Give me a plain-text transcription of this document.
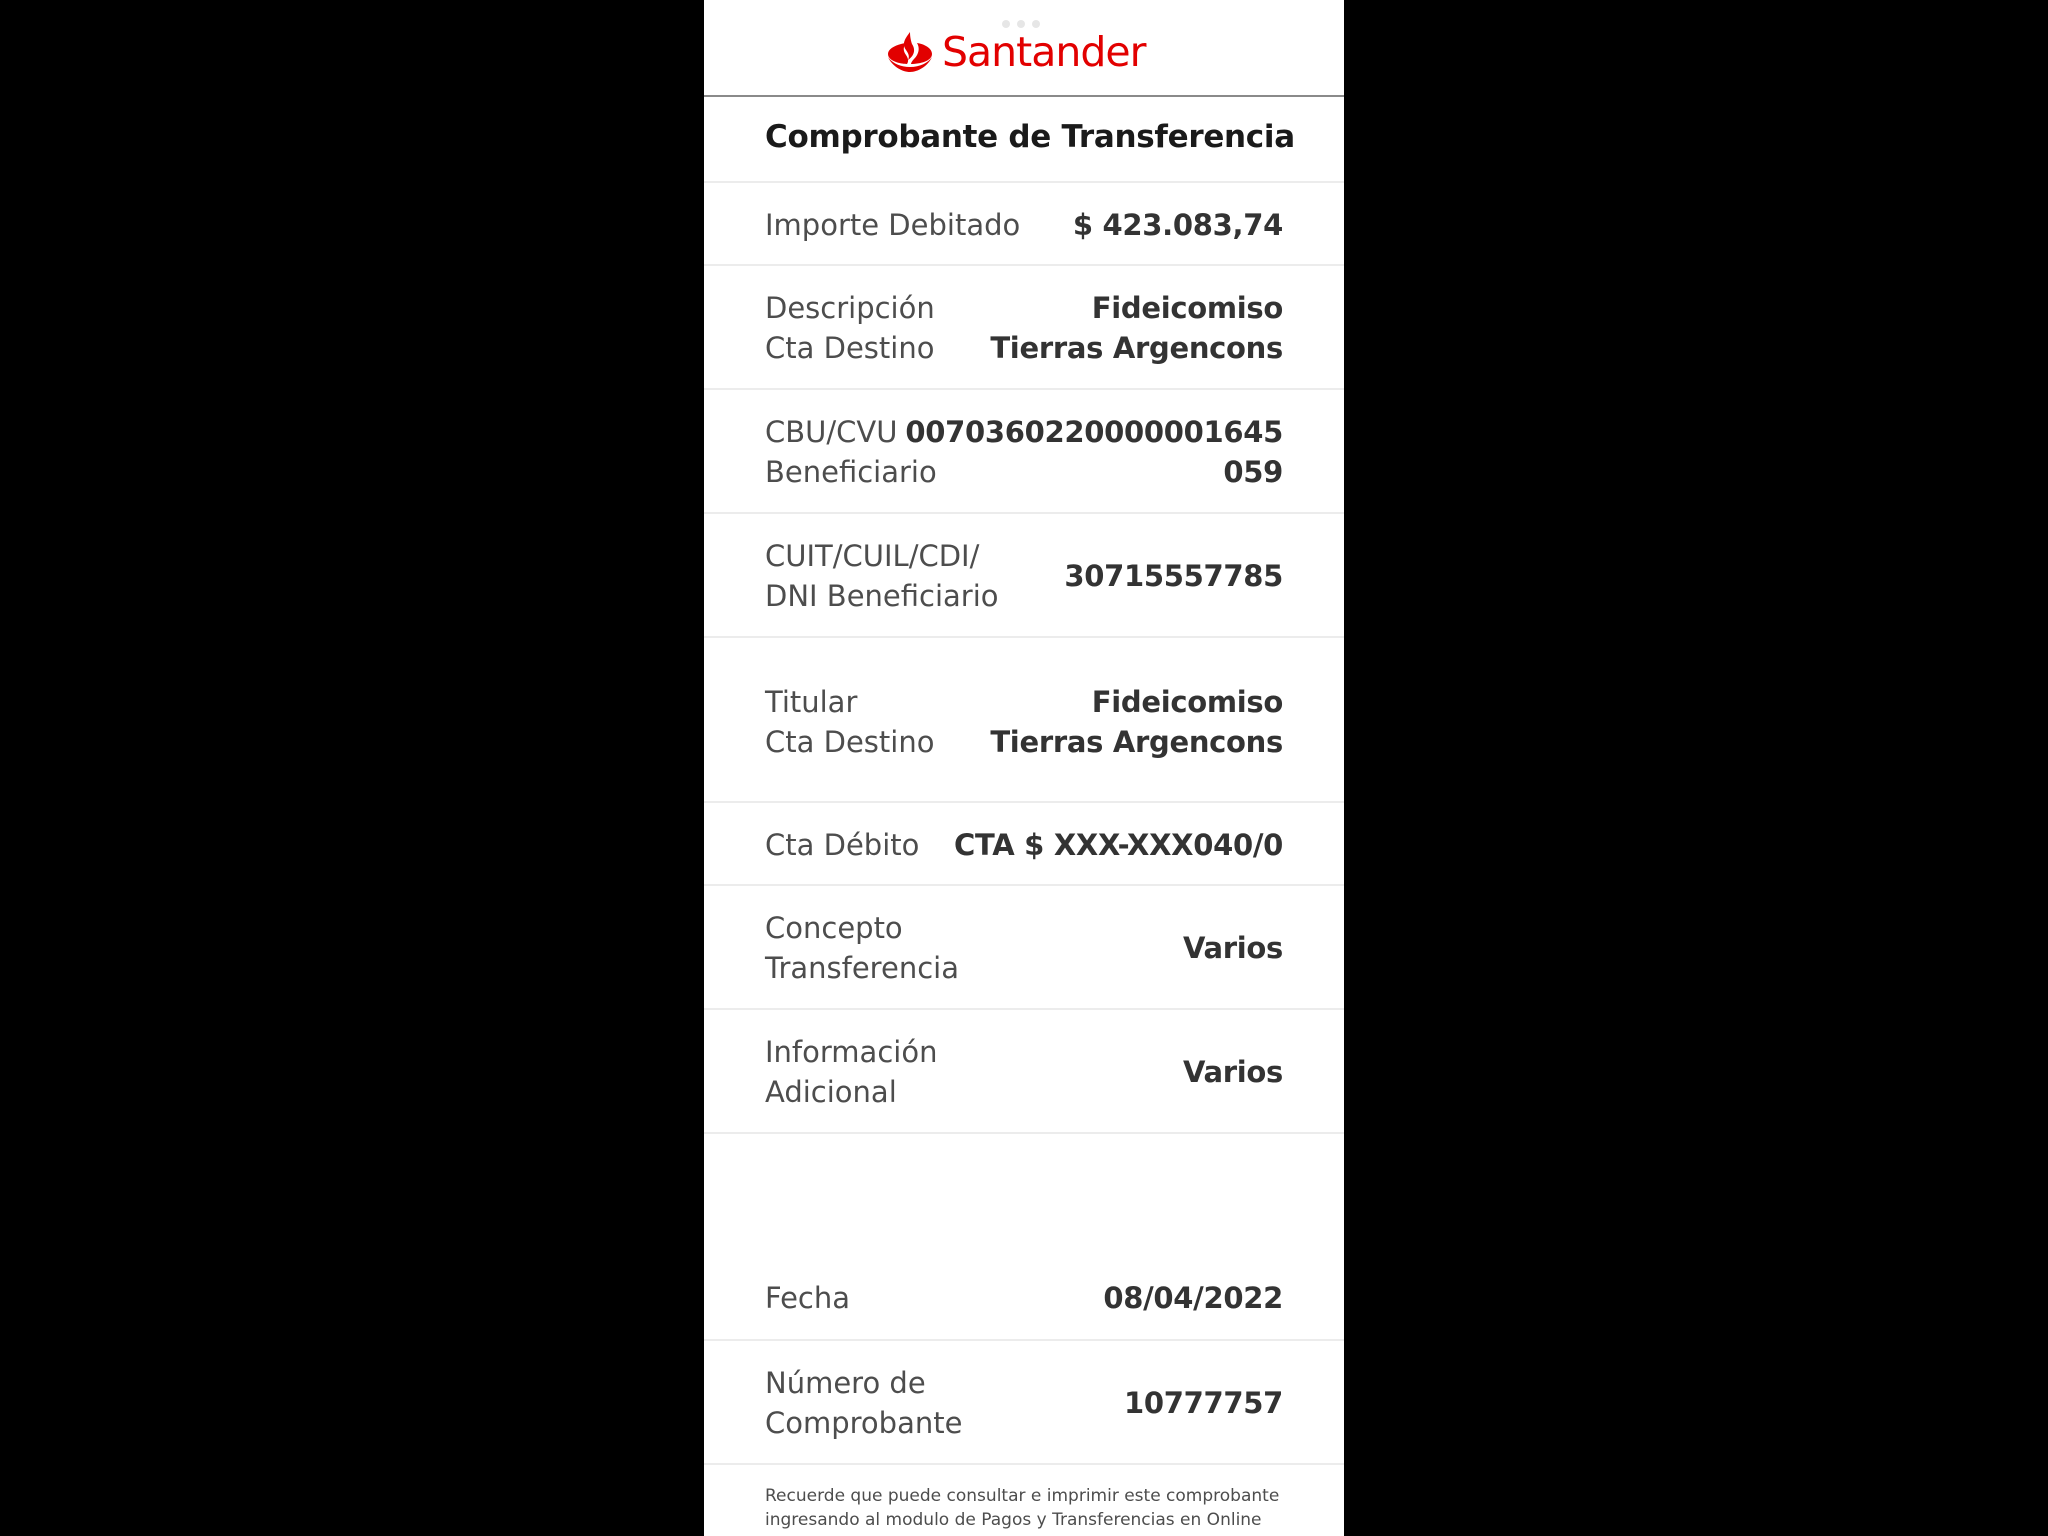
Santander
Comprobante de Transferencia
Importe Debitado $ 423.083,74
Descripción
Cta Destino
Fideicomiso
Tierras Argencons
CBU/CVU
Beneficiario
0070360220000001645
059
CUIT/CUIL/CDI/
DNI Beneficiario
30715557785
Titular
Cta Destino
Fideicomiso
Tierras Argencons
Cta Débito CTA $ XXX-XXX040/0
Concepto
Transferencia
Varios
Información
Adicional
Varios
Fecha	08/04/2022
Número de
Comprobante
10777757
Recuerde que puede consultar e imprimir este comprobante
ingresando al modulo de Pagos y Transferencias en Online
